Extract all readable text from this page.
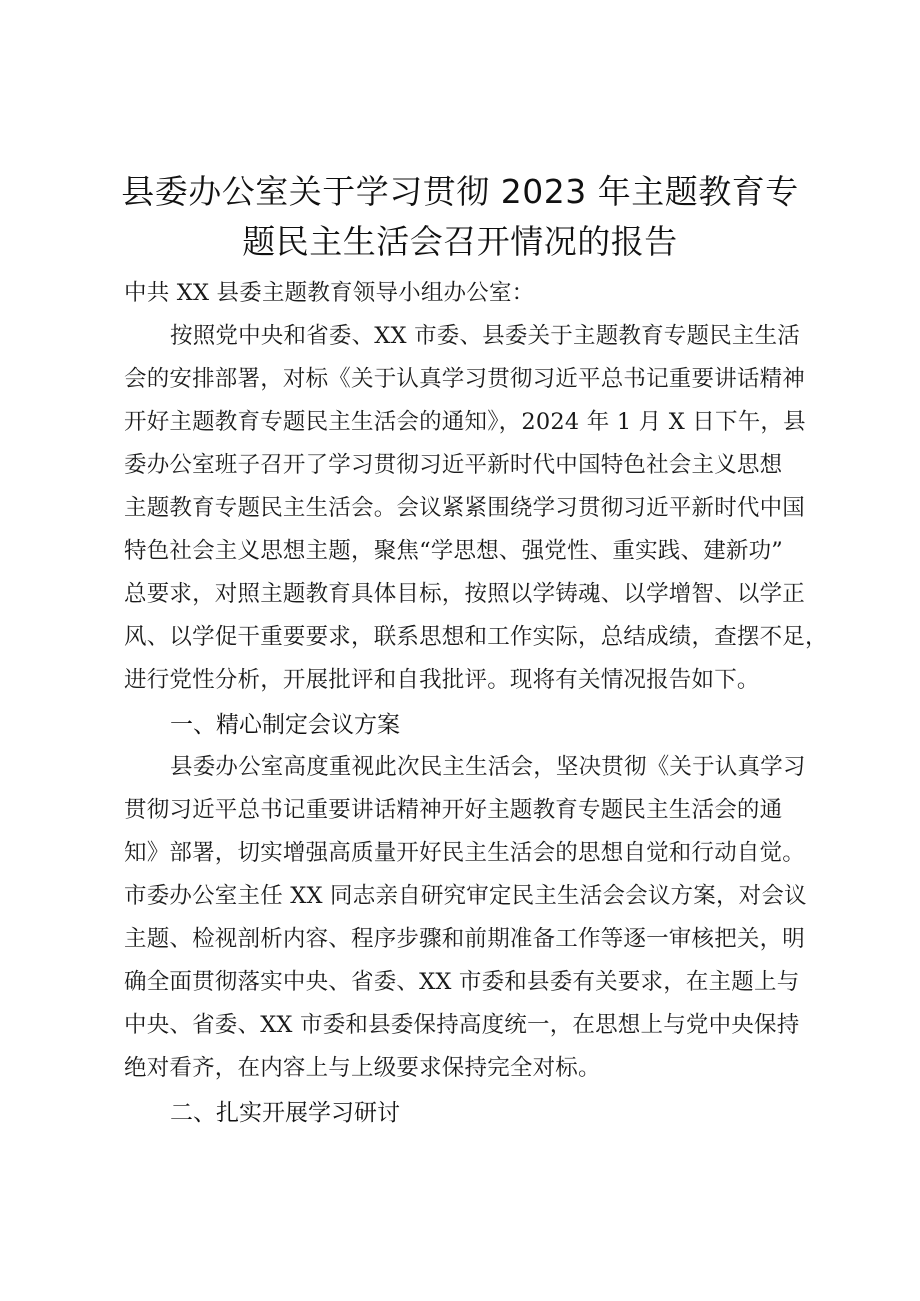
县委办公室关于学习贯彻 2023 年主题教育专
题民主生活会召开情况的报告
中共 XX 县委主题教育领导小组办公室：
按照党中央和省委、XX 市委、县委关于主题教育专题民主生活
会的安排部署，对标《关于认真学习贯彻习近平总书记重要讲话精神
开好主题教育专题民主生活会的通知》，2024 年 1 月 X 日下午，县
委办公室班子召开了学习贯彻习近平新时代中国特色社会主义思想
主题教育专题民主生活会。会议紧紧围绕学习贯彻习近平新时代中国
特色社会主义思想主题，聚焦“学思想、强党性、重实践、建新功”
总要求，对照主题教育具体目标，按照以学铸魂、以学增智、以学正
风、以学促干重要要求，联系思想和工作实际，总结成绩，查摆不足，
进行党性分析，开展批评和自我批评。现将有关情况报告如下。
一、精心制定会议方案
县委办公室高度重视此次民主生活会，坚决贯彻《关于认真学习
贯彻习近平总书记重要讲话精神开好主题教育专题民主生活会的通
知》部署，切实增强高质量开好民主生活会的思想自觉和行动自觉。
市委办公室主任 XX 同志亲自研究审定民主生活会会议方案，对会议
主题、检视剖析内容、程序步骤和前期准备工作等逐一审核把关，明
确全面贯彻落实中央、省委、XX 市委和县委有关要求，在主题上与
中央、省委、XX 市委和县委保持高度统一，在思想上与党中央保持
绝对看齐，在内容上与上级要求保持完全对标。
二、扎实开展学习研讨
